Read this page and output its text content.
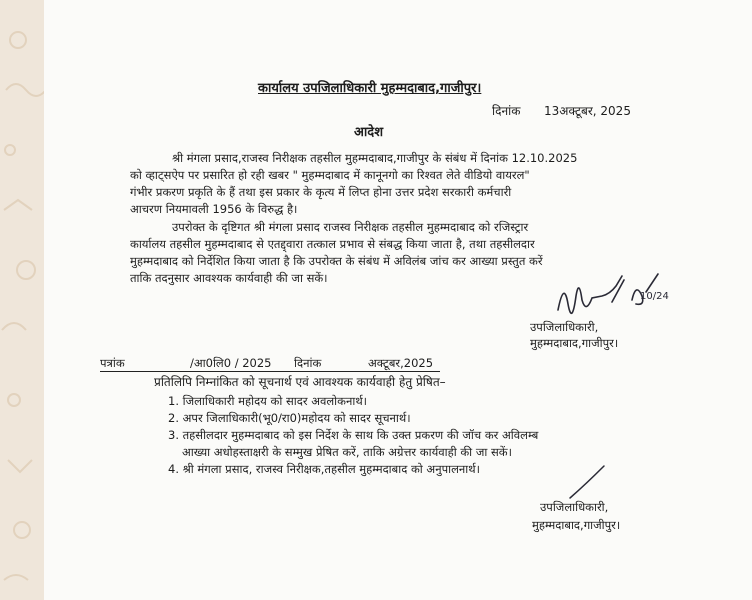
कार्यालय उपजिलाधिकारी मुहम्मदाबाद,गाजीपुर।
दिनांक 13अक्टूबर, 2025
आदेश
श्री मंगला प्रसाद,राजस्व निरीक्षक तहसील मुहम्मदाबाद,गाजीपुर के संबंध में दिनांक 12.10.2025
को व्हाट्सऐप पर प्रसारित हो रही खबर " मुहम्मदाबाद में कानूनगो का रिश्वत लेते वीडियो वायरल"
गंभीर प्रकरण प्रकृति के हैं तथा इस प्रकार के कृत्य में लिप्त होना उत्तर प्रदेश सरकारी कर्मचारी
आचरण नियमावली 1956 के विरुद्ध है।
उपरोक्त के दृष्टिगत श्री मंगला प्रसाद राजस्व निरीक्षक तहसील मुहम्मदाबाद को रजिस्ट्रार
कार्यालय तहसील मुहम्मदाबाद से एतद्द्वारा तत्काल प्रभाव से संबद्ध किया जाता है, तथा तहसीलदार
मुहम्मदाबाद को निर्देशित किया जाता है कि उपरोक्त के संबंध में अविलंब जांच कर आख्या प्रस्तुत करें
ताकि तदनुसार आवश्यक कार्यवाही की जा सकें।
10/24
उपजिलाधिकारी,
मुहम्मदाबाद,गाजीपुर।
पत्रांक	/आ0लि0 / 2025 दिनांक	अक्टूबर,2025
प्रतिलिपि निम्नांकित को सूचनार्थ एवं आवश्यक कार्यवाही हेतु प्रेषित–
1. जिलाधिकारी महोदय को सादर अवलोकनार्थ।
2. अपर जिलाधिकारी(भू0/रा0)महोदय को सादर सूचनार्थ।
3. तहसीलदार मुहम्मदाबाद को इस निर्देश के साथ कि उक्त प्रकरण की जॉच कर अविलम्ब
आख्या अधोहस्ताक्षरी के सम्मुख प्रेषित करें, ताकि अग्रेत्तर कार्यवाही की जा सकें।
4. श्री मंगला प्रसाद, राजस्व निरीक्षक,तहसील मुहम्मदाबाद को अनुपालनार्थ।
उपजिलाधिकारी,
मुहम्मदाबाद,गाजीपुर।
